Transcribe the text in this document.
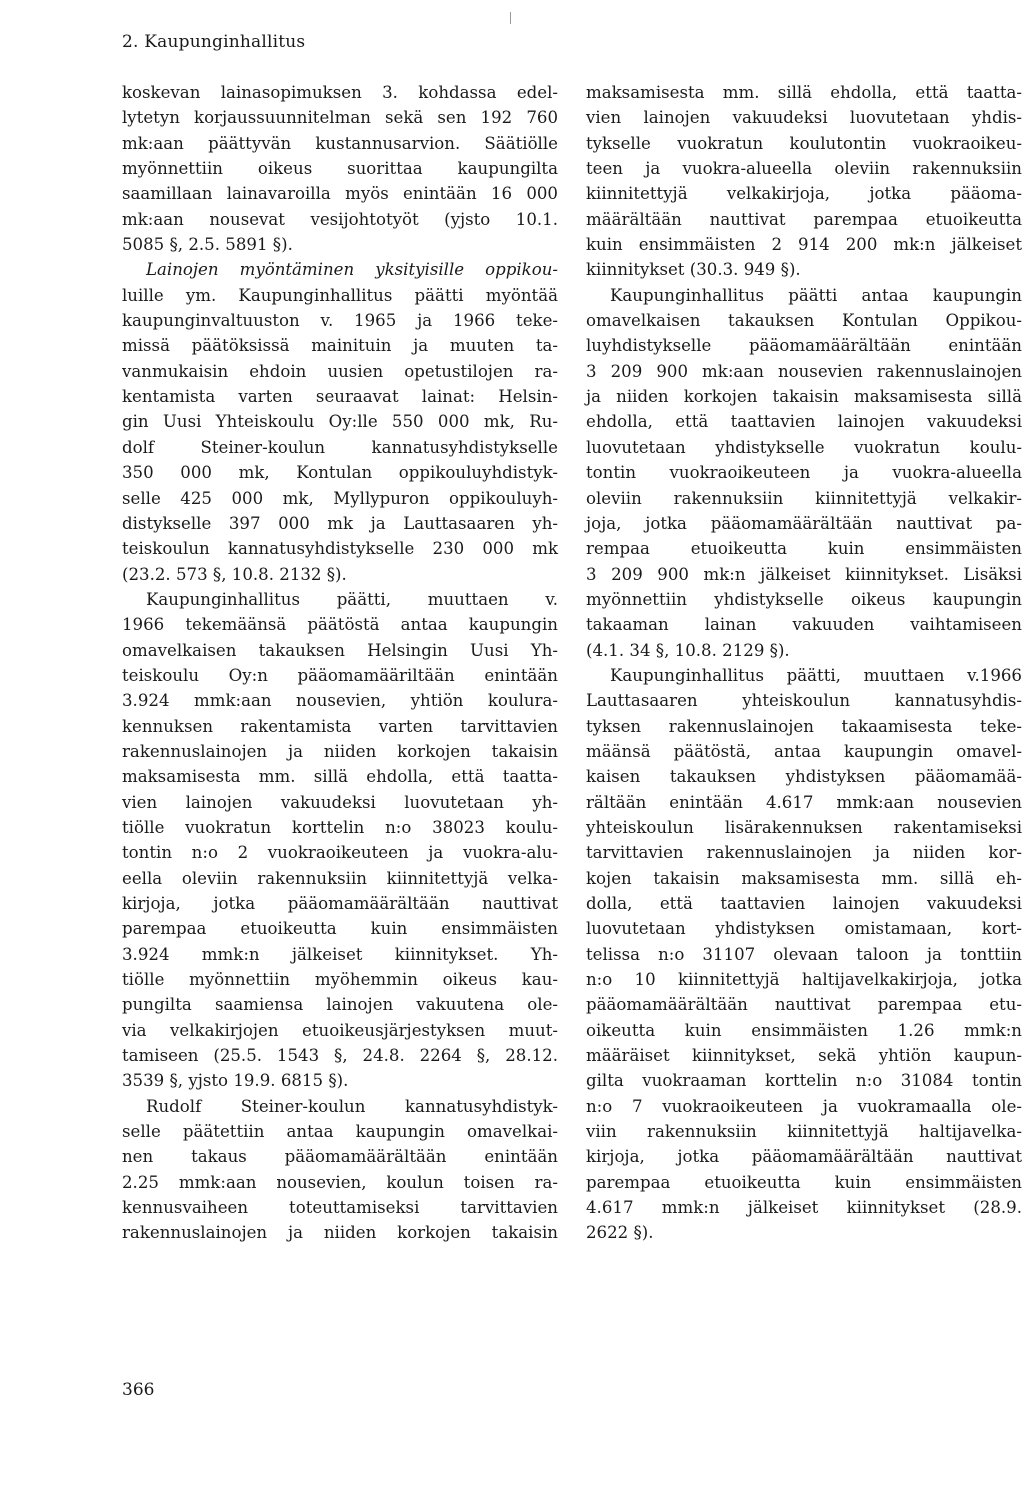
2. Kaupunginhallitus
koskevan lainasopimuksen 3. kohdassa edel-
lytetyn korjaussuunnitelman sekä sen 192 760
mk:aan päättyvän kustannusarvion. Säätiölle
myönnettiin oikeus suorittaa kaupungilta
saamillaan lainavaroilla myös enintään 16 000
mk:aan nousevat vesijohtotyöt (yjsto 10.1.
5085 §, 2.5. 5891 §).
Lainojen myöntäminen yksityisille oppikou-
luille ym. Kaupunginhallitus päätti myöntää
kaupunginvaltuuston v. 1965 ja 1966 teke-
missä päätöksissä mainituin ja muuten ta-
vanmukaisin ehdoin uusien opetustilojen ra-
kentamista varten seuraavat lainat: Helsin-
gin Uusi Yhteiskoulu Oy:lle 550 000 mk, Ru-
dolf Steiner-koulun kannatusyhdistykselle
350 000 mk, Kontulan oppikouluyhdistyk-
selle 425 000 mk, Myllypuron oppikouluyh-
distykselle 397 000 mk ja Lauttasaaren yh-
teiskoulun kannatusyhdistykselle 230 000 mk
(23.2. 573 §, 10.8. 2132 §).
Kaupunginhallitus päätti, muuttaen v.
1966 tekemäänsä päätöstä antaa kaupungin
omavelkaisen takauksen Helsingin Uusi Yh-
teiskoulu Oy:n pääomamääriltään enintään
3.924 mmk:aan nousevien, yhtiön koulura-
kennuksen rakentamista varten tarvittavien
rakennuslainojen ja niiden korkojen takaisin
maksamisesta mm. sillä ehdolla, että taatta-
vien lainojen vakuudeksi luovutetaan yh-
tiölle vuokratun korttelin n:o 38023 koulu-
tontin n:o 2 vuokraoikeuteen ja vuokra-alu-
eella oleviin rakennuksiin kiinnitettyjä velka-
kirjoja, jotka pääomamäärältään nauttivat
parempaa etuoikeutta kuin ensimmäisten
3.924 mmk:n jälkeiset kiinnitykset. Yh-
tiölle myönnettiin myöhemmin oikeus kau-
pungilta saamiensa lainojen vakuutena ole-
via velkakirjojen etuoikeusjärjestyksen muut-
tamiseen (25.5. 1543 §, 24.8. 2264 §, 28.12.
3539 §, yjsto 19.9. 6815 §).
Rudolf Steiner-koulun kannatusyhdistyk-
selle päätettiin antaa kaupungin omavelkai-
nen takaus pääomamäärältään enintään
2.25 mmk:aan nousevien, koulun toisen ra-
kennusvaiheen toteuttamiseksi tarvittavien
rakennuslainojen ja niiden korkojen takaisin
maksamisesta mm. sillä ehdolla, että taatta-
vien lainojen vakuudeksi luovutetaan yhdis-
tykselle vuokratun koulutontin vuokraoikeu-
teen ja vuokra-alueella oleviin rakennuksiin
kiinnitettyjä velkakirjoja, jotka pääoma-
määrältään nauttivat parempaa etuoikeutta
kuin ensimmäisten 2 914 200 mk:n jälkeiset
kiinnitykset (30.3. 949 §).
Kaupunginhallitus päätti antaa kaupungin
omavelkaisen takauksen Kontulan Oppikou-
luyhdistykselle pääomamäärältään enintään
3 209 900 mk:aan nousevien rakennuslainojen
ja niiden korkojen takaisin maksamisesta sillä
ehdolla, että taattavien lainojen vakuudeksi
luovutetaan yhdistykselle vuokratun koulu-
tontin vuokraoikeuteen ja vuokra-alueella
oleviin rakennuksiin kiinnitettyjä velkakir-
joja, jotka pääomamäärältään nauttivat pa-
rempaa etuoikeutta kuin ensimmäisten
3 209 900 mk:n jälkeiset kiinnitykset. Lisäksi
myönnettiin yhdistykselle oikeus kaupungin
takaaman lainan vakuuden vaihtamiseen
(4.1. 34 §, 10.8. 2129 §).
Kaupunginhallitus päätti, muuttaen v.1966
Lauttasaaren yhteiskoulun kannatusyhdis-
tyksen rakennuslainojen takaamisesta teke-
määnsä päätöstä, antaa kaupungin omavel-
kaisen takauksen yhdistyksen pääomamää-
rältään enintään 4.617 mmk:aan nousevien
yhteiskoulun lisärakennuksen rakentamiseksi
tarvittavien rakennuslainojen ja niiden kor-
kojen takaisin maksamisesta mm. sillä eh-
dolla, että taattavien lainojen vakuudeksi
luovutetaan yhdistyksen omistamaan, kort-
telissa n:o 31107 olevaan taloon ja tonttiin
n:o 10 kiinnitettyjä haltijavelkakirjoja, jotka
pääomamäärältään nauttivat parempaa etu-
oikeutta kuin ensimmäisten 1.26 mmk:n
määräiset kiinnitykset, sekä yhtiön kaupun-
gilta vuokraaman korttelin n:o 31084 tontin
n:o 7 vuokraoikeuteen ja vuokramaalla ole-
viin rakennuksiin kiinnitettyjä haltijavelka-
kirjoja, jotka pääomamäärältään nauttivat
parempaa etuoikeutta kuin ensimmäisten
4.617 mmk:n jälkeiset kiinnitykset (28.9.
2622 §).
366
